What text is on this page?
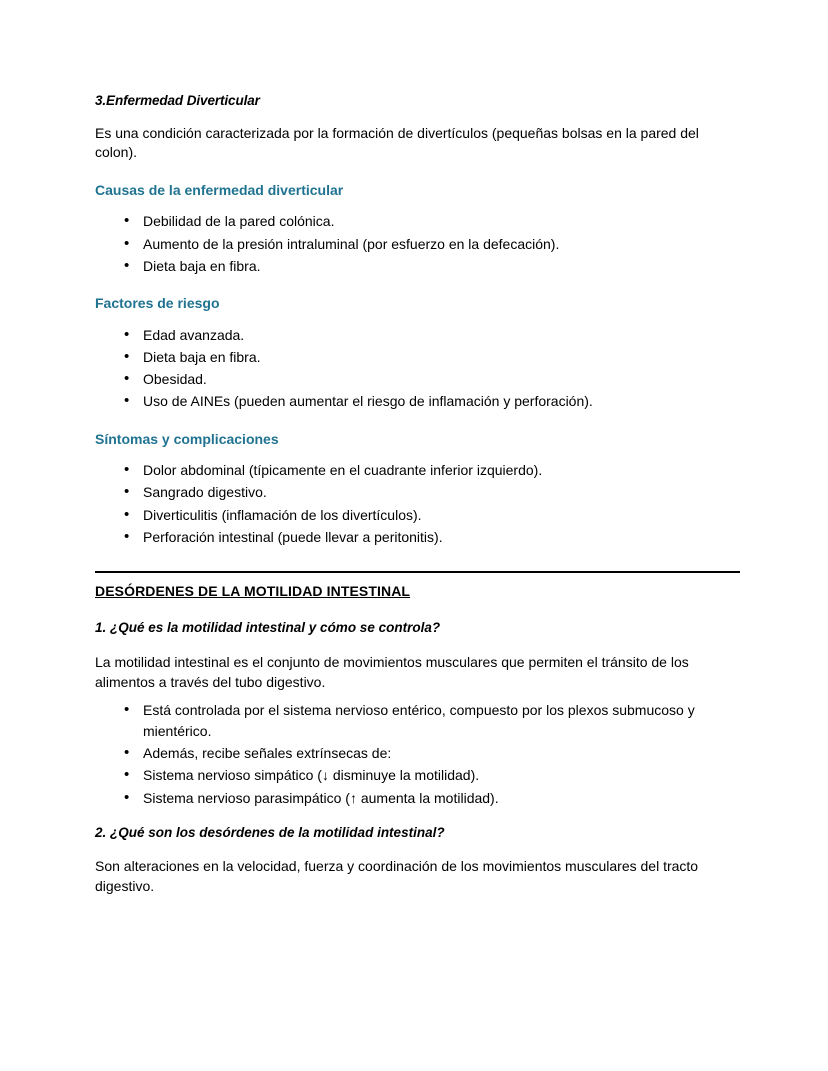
3.Enfermedad Diverticular

Es una condición caracterizada por la formación de divertículos (pequeñas bolsas en la pared del colon).

Causas de la enfermedad diverticular
• Debilidad de la pared colónica.
• Aumento de la presión intraluminal (por esfuerzo en la defecación).
• Dieta baja en fibra.
Factores de riesgo
• Edad avanzada.
• Dieta baja en fibra.
• Obesidad.
• Uso de AINEs (pueden aumentar el riesgo de inflamación y perforación).
Síntomas y complicaciones
• Dolor abdominal (típicamente en el cuadrante inferior izquierdo).
• Sangrado digestivo.
• Diverticulitis (inflamación de los divertículos).
• Perforación intestinal (puede llevar a peritonitis).
DESÓRDENES DE LA MOTILIDAD INTESTINAL
1. ¿Qué es la motilidad intestinal y cómo se controla?

La motilidad intestinal es el conjunto de movimientos musculares que permiten el tránsito de los alimentos a través del tubo digestivo.

• Está controlada por el sistema nervioso entérico, compuesto por los plexos submucoso y mientérico.
• Además, recibe señales extrínsecas de:
• Sistema nervioso simpático (↓ disminuye la motilidad).
• Sistema nervioso parasimpático (↑ aumenta la motilidad).
2. ¿Qué son los desórdenes de la motilidad intestinal?

Son alteraciones en la velocidad, fuerza y coordinación de los movimientos musculares del tracto digestivo.
